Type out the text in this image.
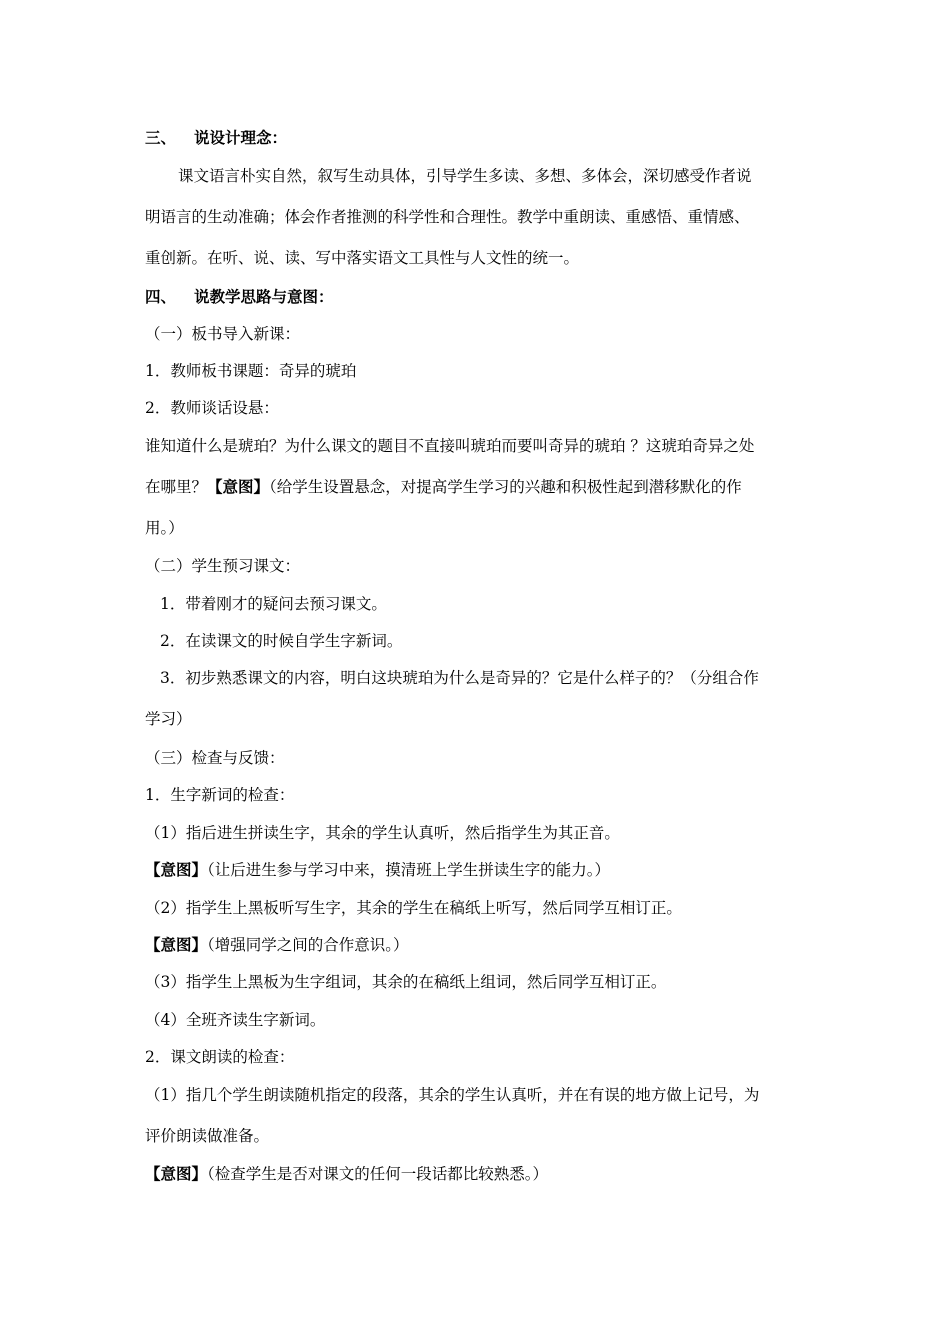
三、 说设计理念：
课文语言朴实自然，叙写生动具体，引导学生多读、多想、多体会，深切感受作者说
明语言的生动准确；体会作者推测的科学性和合理性。教学中重朗读、重感悟、重情感、
重创新。在听、说、读、写中落实语文工具性与人文性的统一。
四、 说教学思路与意图：
（一）板书导入新课：
1．教师板书课题：奇异的琥珀
2．教师谈话设悬：
谁知道什么是琥珀？为什么课文的题目不直接叫琥珀而要叫奇异的琥珀 ？这琥珀奇异之处
在哪里？【意图】（给学生设置悬念，对提高学生学习的兴趣和积极性起到潜移默化的作
用。）
（二）学生预习课文：
1．带着刚才的疑问去预习课文。
2．在读课文的时候自学生字新词。
3．初步熟悉课文的内容，明白这块琥珀为什么是奇异的？它是什么样子的？（分组合作
学习）
（三）检查与反馈：
1．生字新词的检查：
（1）指后进生拼读生字，其余的学生认真听，然后指学生为其正音。
【意图】（让后进生参与学习中来，摸清班上学生拼读生字的能力。）
（2）指学生上黑板听写生字，其余的学生在稿纸上听写，然后同学互相订正。
【意图】（增强同学之间的合作意识。）
（3）指学生上黑板为生字组词，其余的在稿纸上组词，然后同学互相订正。
（4）全班齐读生字新词。
2．课文朗读的检查：
（1）指几个学生朗读随机指定的段落，其余的学生认真听，并在有误的地方做上记号，为
评价朗读做准备。
【意图】（检查学生是否对课文的任何一段话都比较熟悉。）
